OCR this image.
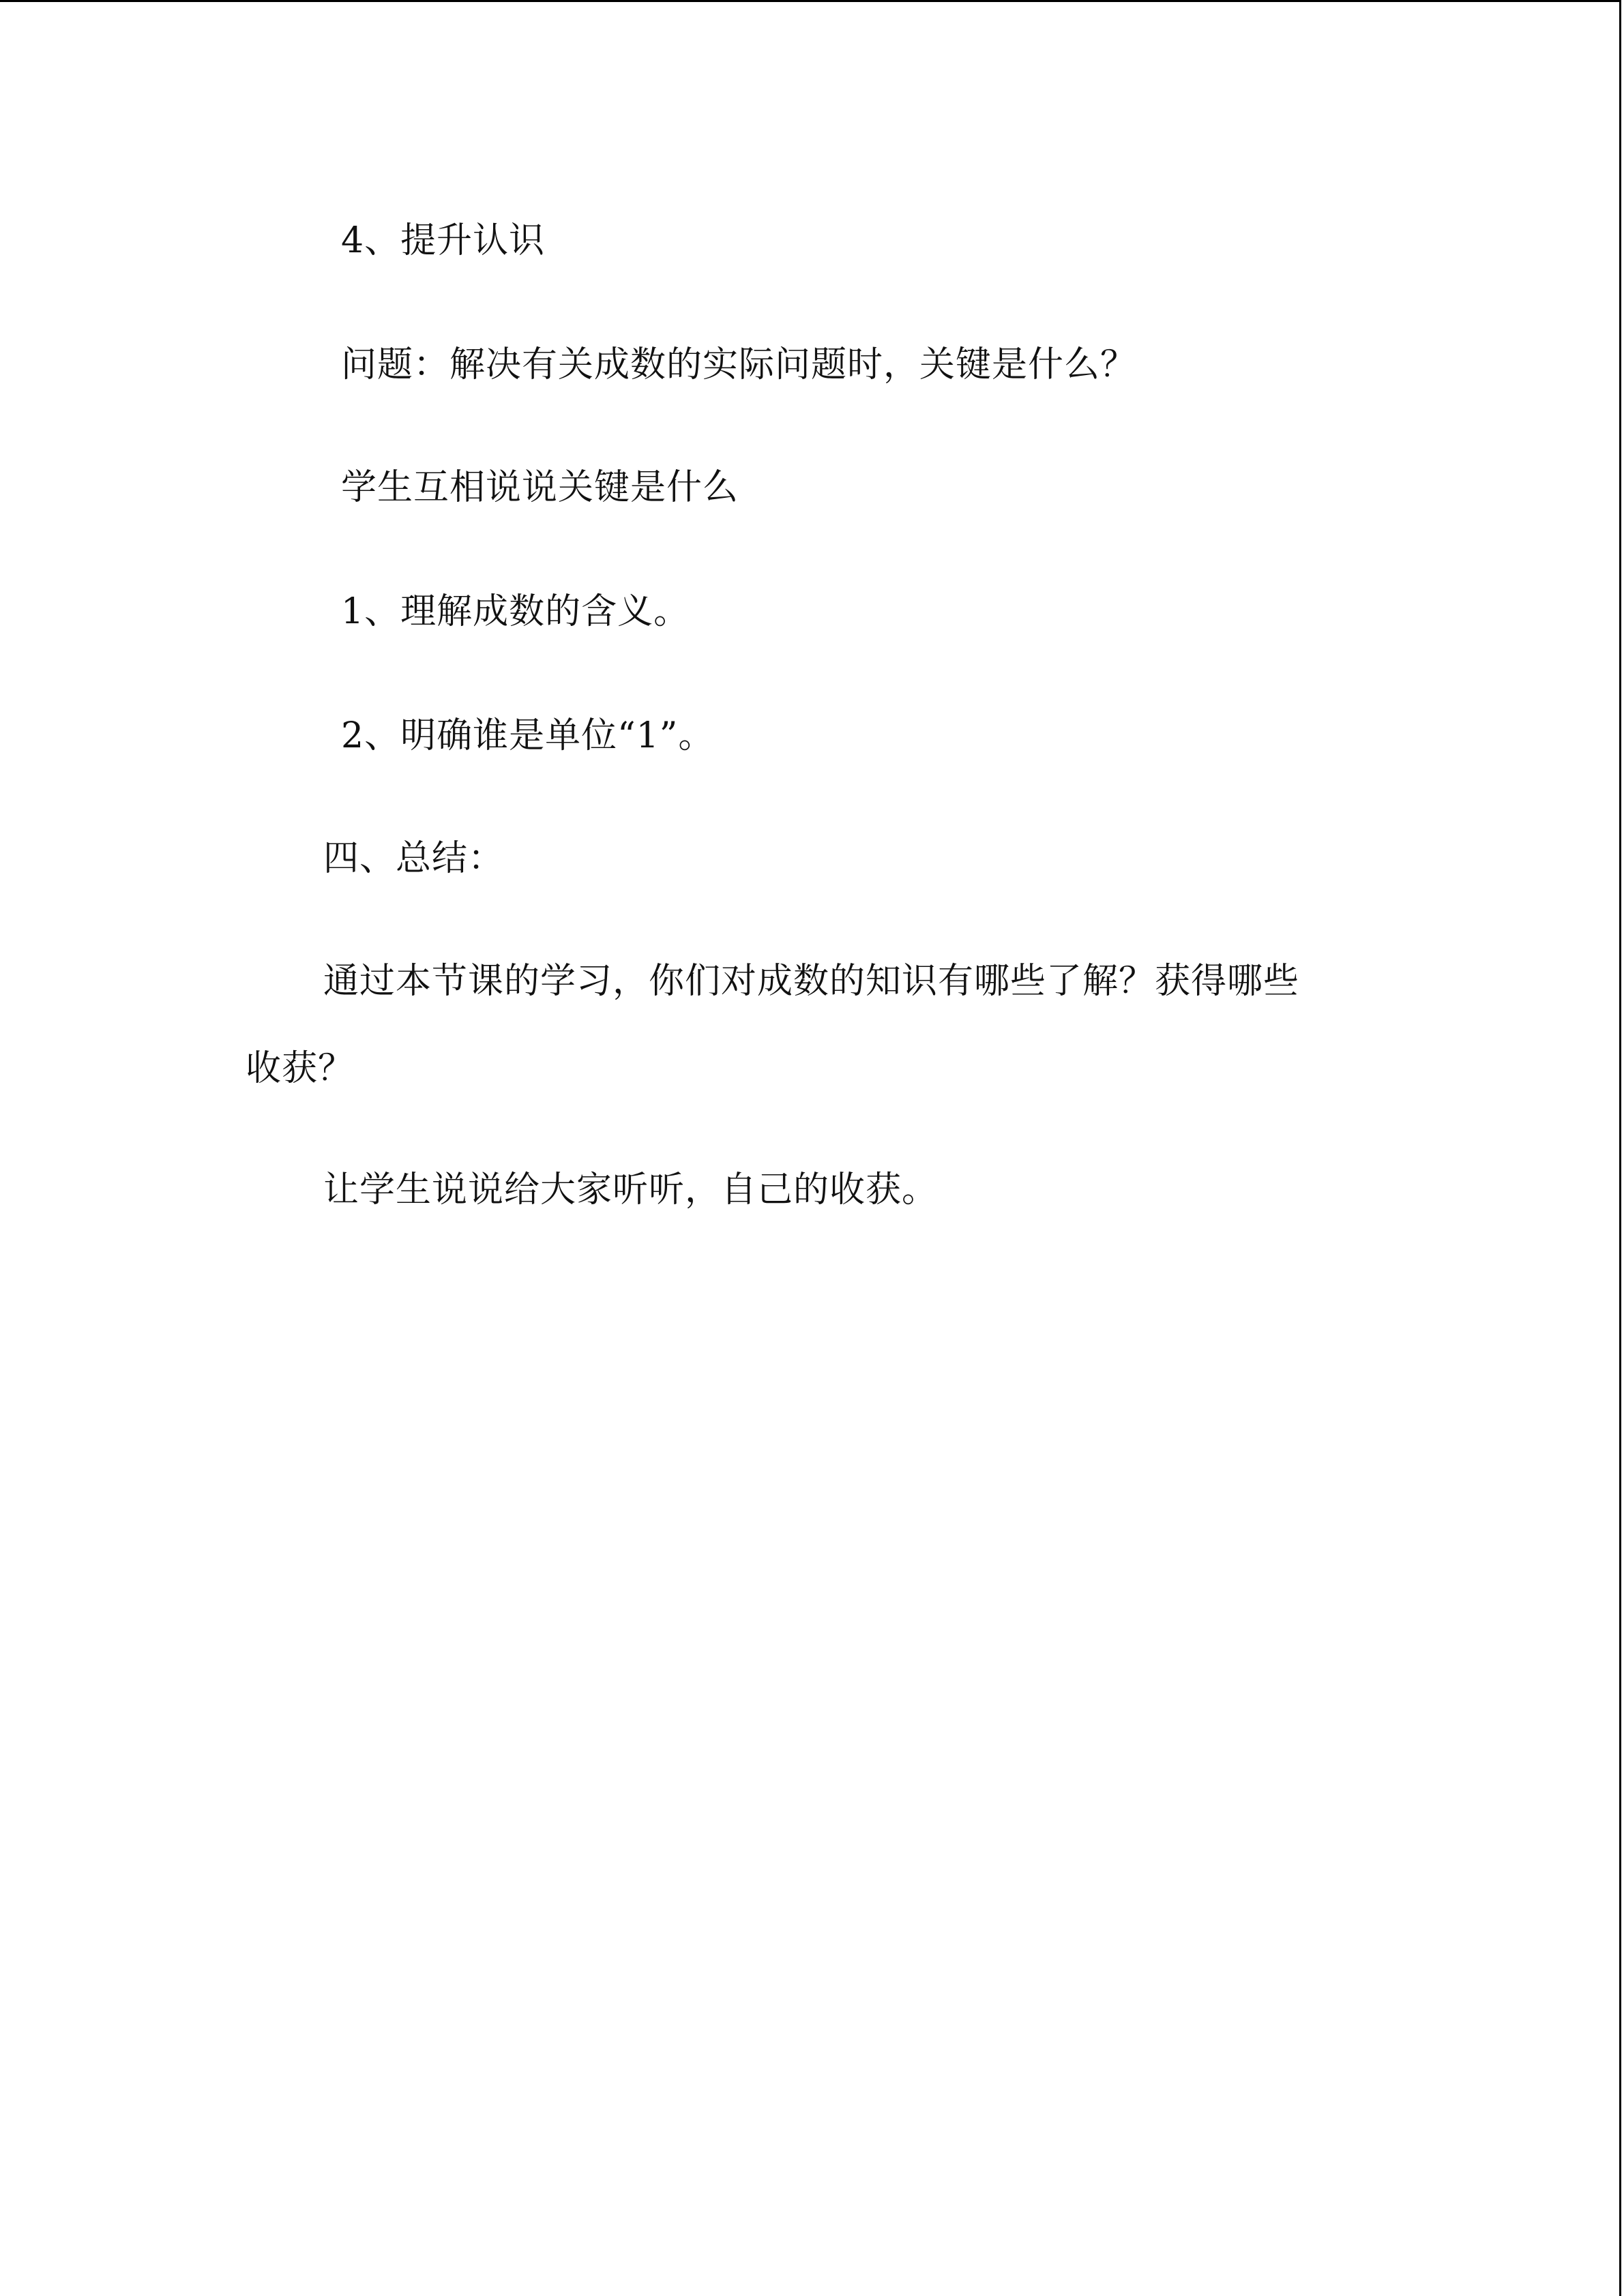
4、提升认识
问题：解决有关成数的实际问题时，关键是什么？
学生互相说说关键是什么
1、理解成数的含义。
2、明确谁是单位“1”。
四、总结：
通过本节课的学习，你们对成数的知识有哪些了解？获得哪些
收获？
让学生说说给大家听听，自己的收获。
